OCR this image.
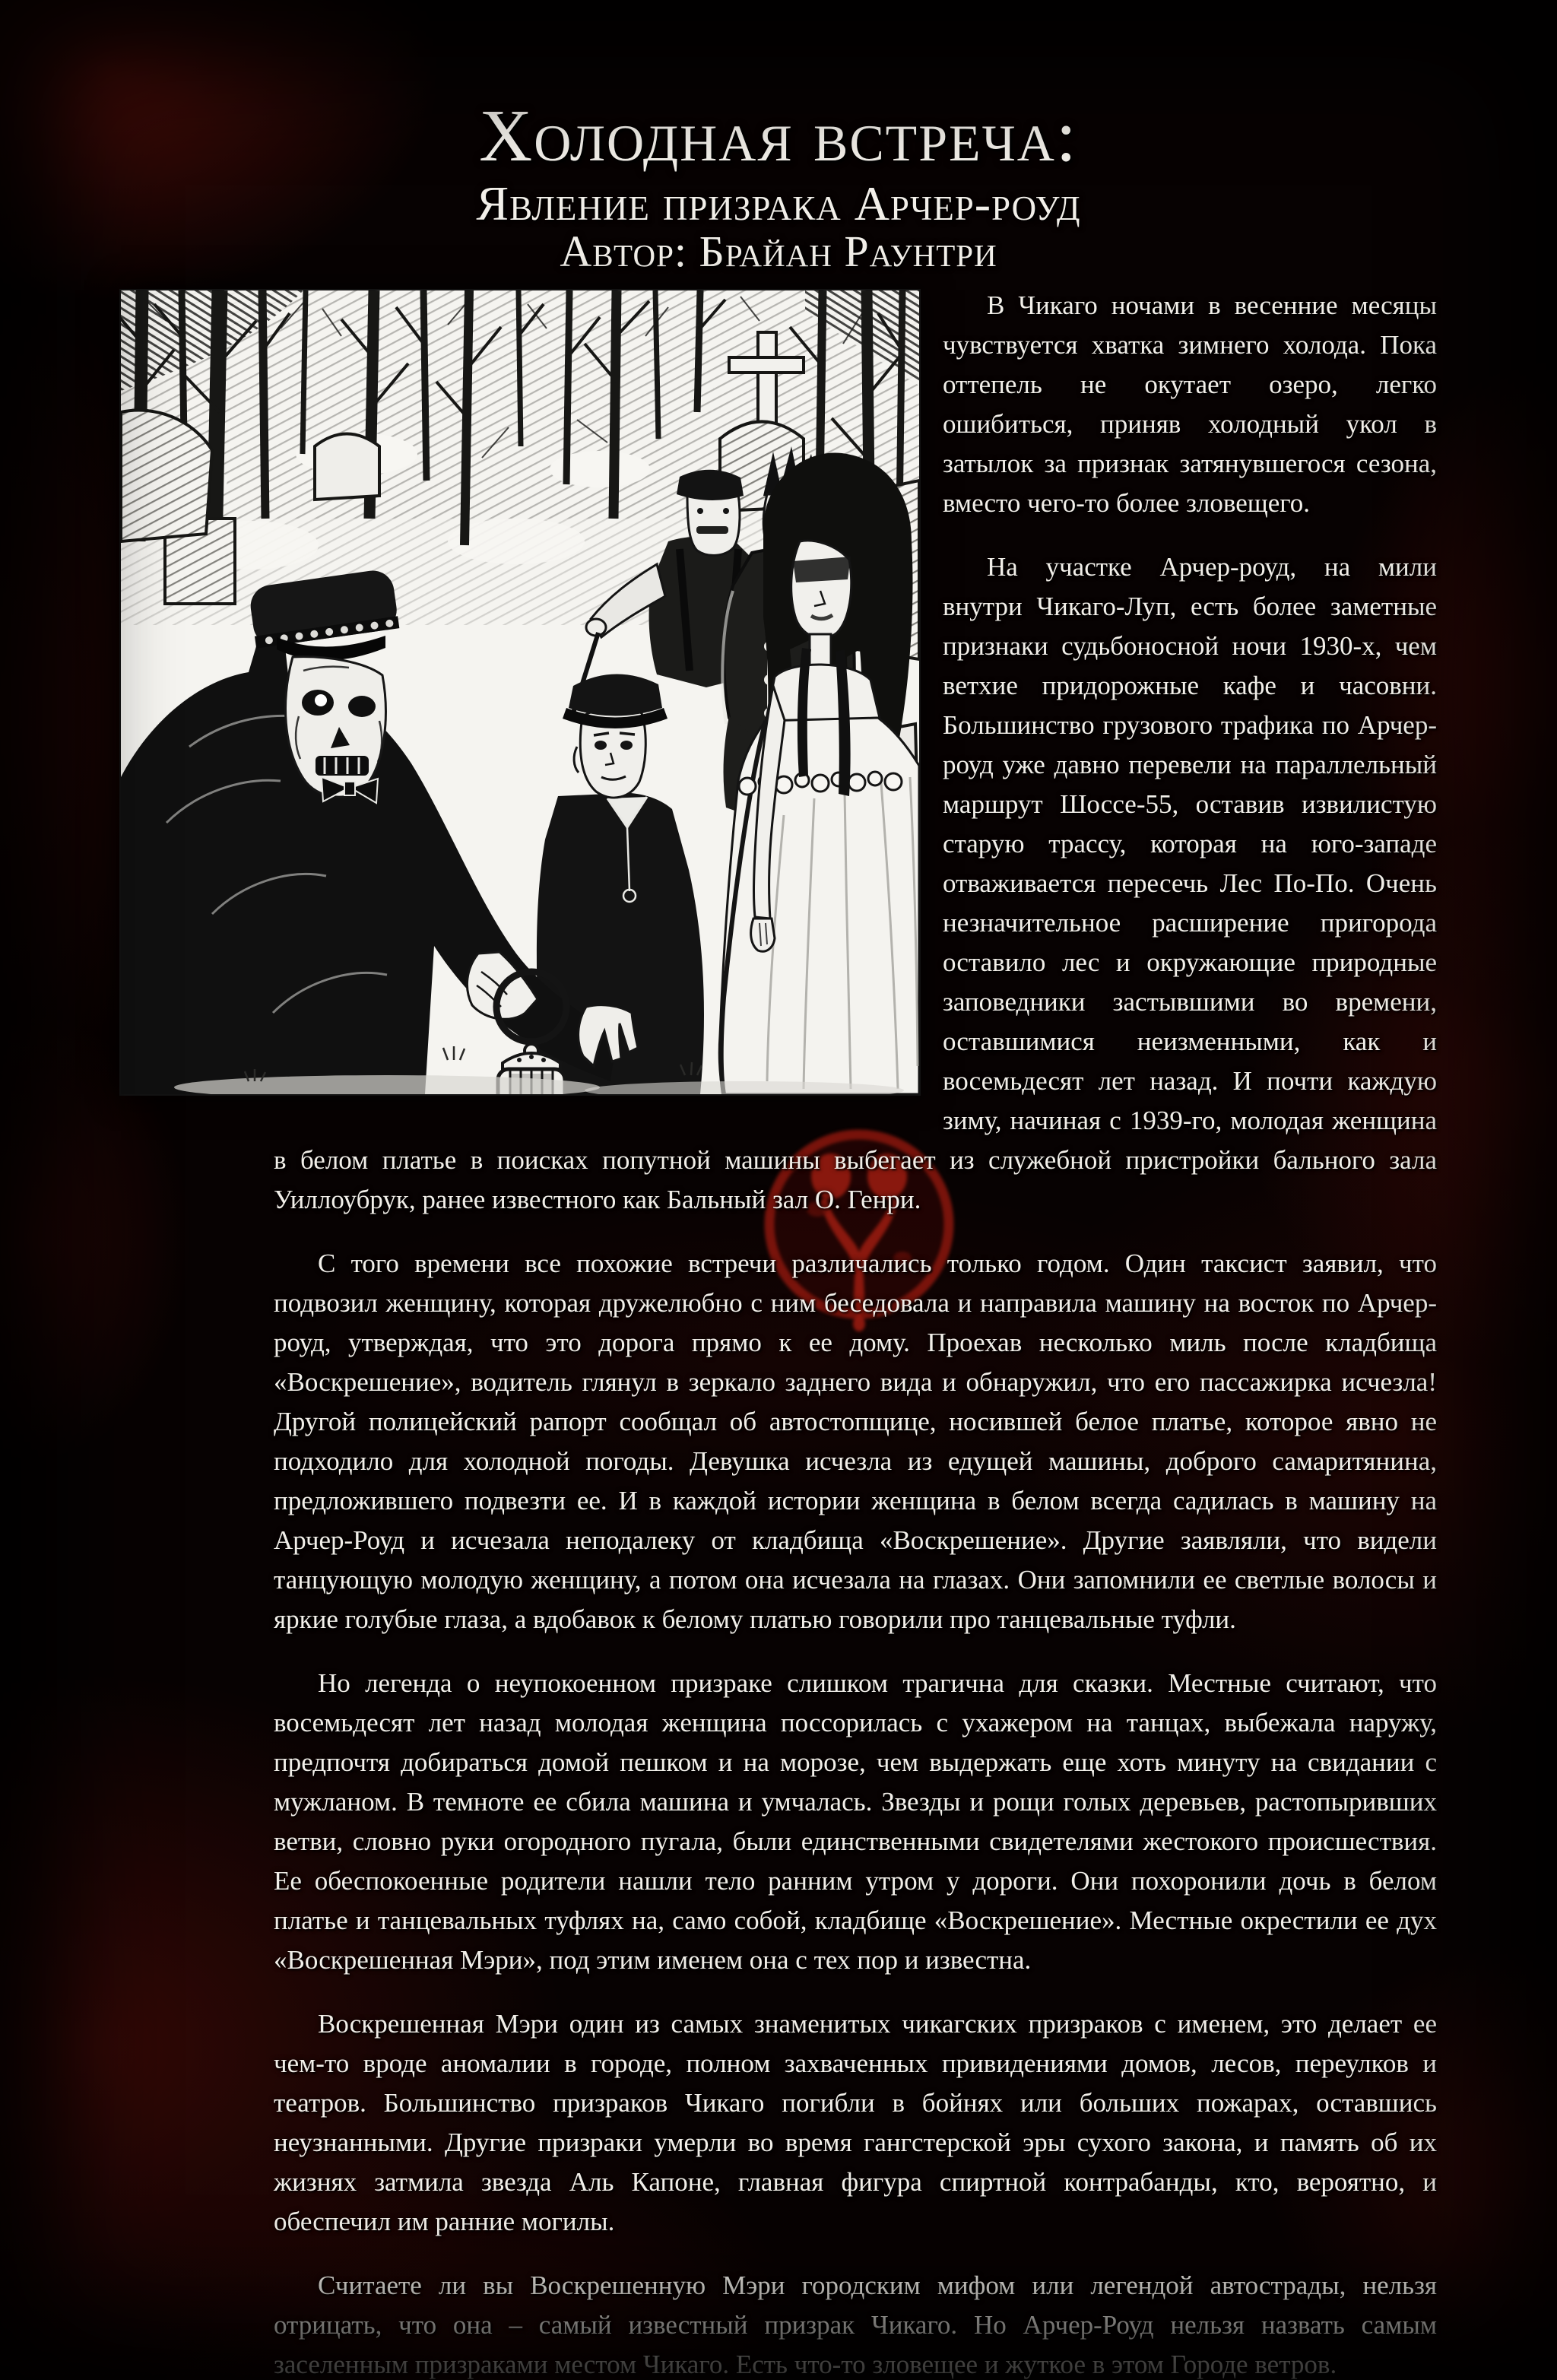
Холодная встреча:
Явление призрака Арчер-роуд
Автор: Брайан Раунтри

В Чикаго ночами в весенние месяцы чувствуется хватка зимнего холода. Пока оттепель не окутает озеро, легко ошибиться, приняв холодный укол в затылок за признак затянувшегося сезона, вместо чего-то более зловещего.

На участке Арчер-роуд, на мили внутри Чикаго-Луп, есть более заметные признаки судьбоносной ночи 1930-х, чем ветхие придорожные кафе и часовни. Большинство грузового трафика по Арчер-роуд уже давно перевели на параллельный маршрут Шоссе-55, оставив извилистую старую трассу, которая на юго-западе отваживается пересечь Лес По-По. Очень незначительное расширение пригорода оставило лес и окружающие природные заповедники застывшими во времени, оставшимися неизменными, как и восемьдесят лет назад. И почти каждую зиму, начиная с 1939-го, молодая женщина в белом платье в поисках попутной машины выбегает из служебной пристройки бального зала Уиллоубрук, ранее известного как Бальный зал О. Генри.

С того времени все похожие встречи различались только годом. Один таксист заявил, что подвозил женщину, которая дружелюбно с ним беседовала и направила машину на восток по Арчер-роуд, утверждая, что это дорога прямо к ее дому. Проехав несколько миль после кладбища «Воскрешение», водитель глянул в зеркало заднего вида и обнаружил, что его пассажирка исчезла! Другой полицейский рапорт сообщал об автостопщице, носившей белое платье, которое явно не подходило для холодной погоды. Девушка исчезла из едущей машины, доброго самаритянина, предложившего подвезти ее. И в каждой истории женщина в белом всегда садилась в машину на Арчер-Роуд и исчезала неподалеку от кладбища «Воскрешение». Другие заявляли, что видели танцующую молодую женщину, а потом она исчезала на глазах. Они запомнили ее светлые волосы и яркие голубые глаза, а вдобавок к белому платью говорили про танцевальные туфли.

Но легенда о неупокоенном призраке слишком трагична для сказки. Местные считают, что восемьдесят лет назад молодая женщина поссорилась с ухажером на танцах, выбежала наружу, предпочтя добираться домой пешком и на морозе, чем выдержать еще хоть минуту на свидании с мужланом. В темноте ее сбила машина и умчалась. Звезды и рощи голых деревьев, растопыривших ветви, словно руки огородного пугала, были единственными свидетелями жестокого происшествия. Ее обеспокоенные родители нашли тело ранним утром у дороги. Они похоронили дочь в белом платье и танцевальных туфлях на, само собой, кладбище «Воскрешение». Местные окрестили ее дух «Воскрешенная Мэри», под этим именем она с тех пор и известна.

Воскрешенная Мэри один из самых знаменитых чикагских призраков с именем, это делает ее чем-то вроде аномалии в городе, полном захваченных привидениями домов, лесов, переулков и театров. Большинство призраков Чикаго погибли в бойнях или больших пожарах, оставшись неузнанными. Другие призраки умерли во время гангстерской эры сухого закона, и память об их жизнях затмила звезда Аль Капоне, главная фигура спиртной контрабанды, кто, вероятно, и обеспечил им ранние могилы.

Считаете ли вы Воскрешенную Мэри городским мифом или легендой автострады, нельзя отрицать, что она – самый известный призрак Чикаго. Но Арчер-Роуд нельзя назвать самым заселенным призраками местом Чикаго. Есть что-то зловещее и жуткое в этом Городе ветров.
